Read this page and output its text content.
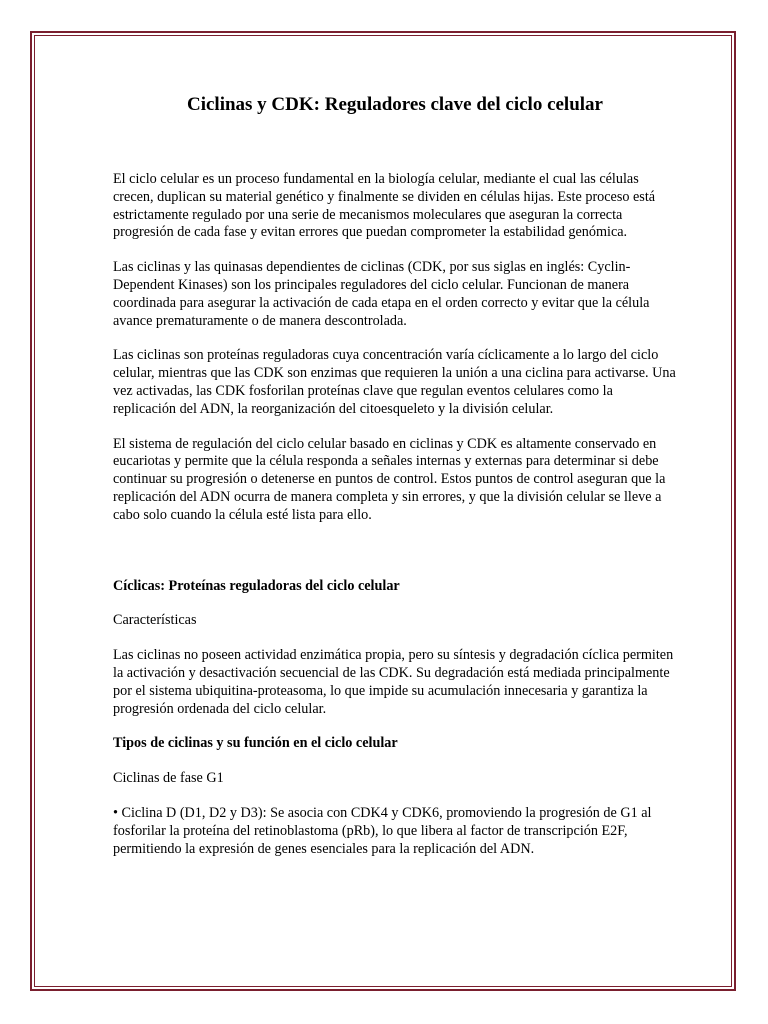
Ciclinas y CDK: Reguladores clave del ciclo celular

El ciclo celular es un proceso fundamental en la biología celular, mediante el cual las células crecen, duplican su material genético y finalmente se dividen en células hijas. Este proceso está estrictamente regulado por una serie de mecanismos moleculares que aseguran la correcta progresión de cada fase y evitan errores que puedan comprometer la estabilidad genómica.

Las ciclinas y las quinasas dependientes de ciclinas (CDK, por sus siglas en inglés: Cyclin-Dependent Kinases) son los principales reguladores del ciclo celular. Funcionan de manera coordinada para asegurar la activación de cada etapa en el orden correcto y evitar que la célula avance prematuramente o de manera descontrolada.

Las ciclinas son proteínas reguladoras cuya concentración varía cíclicamente a lo largo del ciclo celular, mientras que las CDK son enzimas que requieren la unión a una ciclina para activarse. Una vez activadas, las CDK fosforilan proteínas clave que regulan eventos celulares como la replicación del ADN, la reorganización del citoesqueleto y la división celular.

El sistema de regulación del ciclo celular basado en ciclinas y CDK es altamente conservado en eucariotas y permite que la célula responda a señales internas y externas para determinar si debe continuar su progresión o detenerse en puntos de control. Estos puntos de control aseguran que la replicación del ADN ocurra de manera completa y sin errores, y que la división celular se lleve a cabo solo cuando la célula esté lista para ello.

Cíclicas: Proteínas reguladoras del ciclo celular

Características

Las ciclinas no poseen actividad enzimática propia, pero su síntesis y degradación cíclica permiten la activación y desactivación secuencial de las CDK. Su degradación está mediada principalmente por el sistema ubiquitina-proteasoma, lo que impide su acumulación innecesaria y garantiza la progresión ordenada del ciclo celular.

Tipos de ciclinas y su función en el ciclo celular

Ciclinas de fase G1

• Ciclina D (D1, D2 y D3): Se asocia con CDK4 y CDK6, promoviendo la progresión de G1 al fosforilar la proteína del retinoblastoma (pRb), lo que libera al factor de transcripción E2F, permitiendo la expresión de genes esenciales para la replicación del ADN.
